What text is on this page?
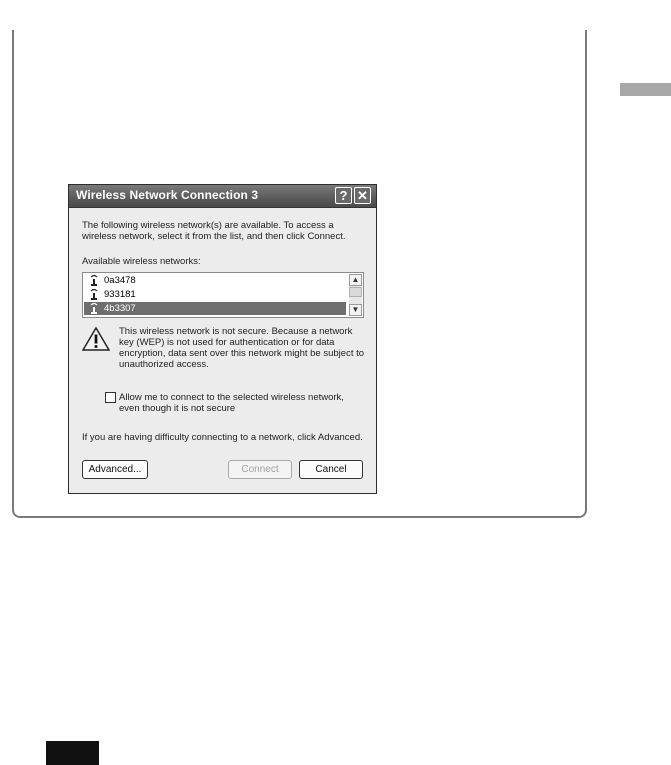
Wireless Network Connection 3	? ✕
The following wireless network(s) are available. To access a
wireless network, select it from the list, and then click Connect.
Available wireless networks:
0a3478
933181
4b3307
▲
▼
This wireless network is not secure. Because a network
key (WEP) is not used for authentication or for data
encryption, data sent over this network might be subject to
unauthorized access.
Allow me to connect to the selected wireless network,
even though it is not secure
If you are having difficulty connecting to a network, click Advanced.
Advanced...	Connect	Cancel
